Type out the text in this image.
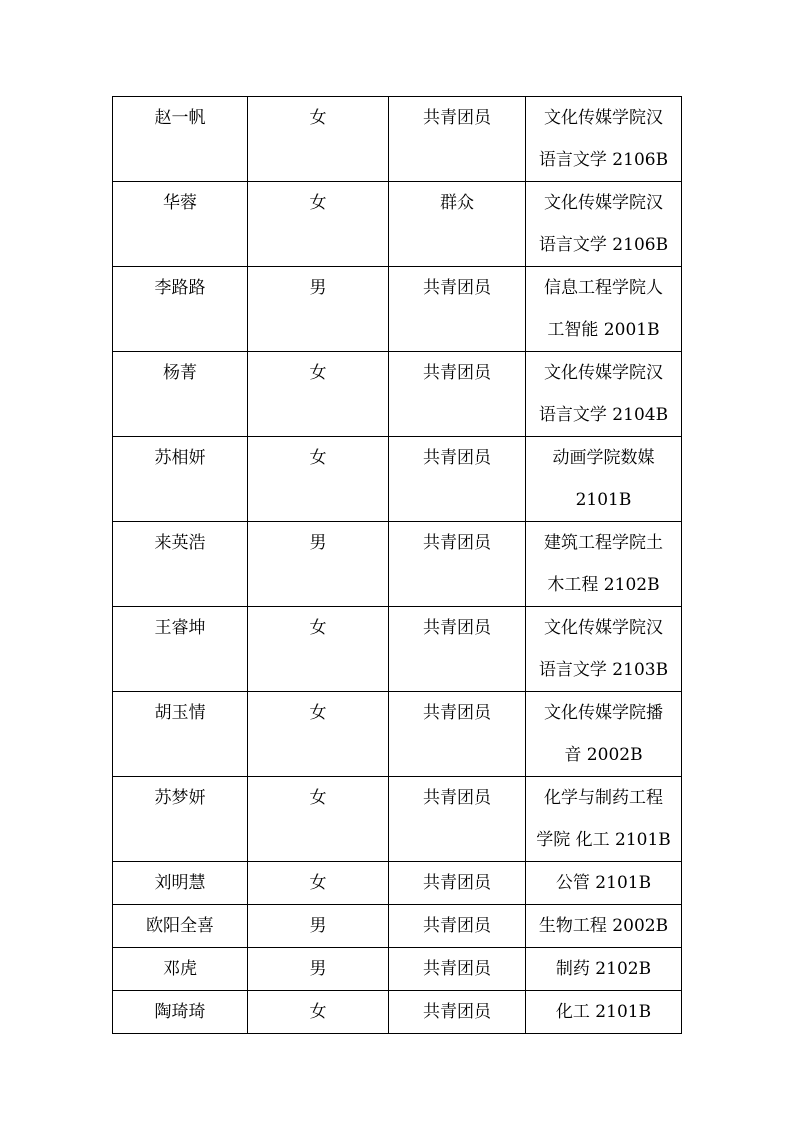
赵一帆	女	共青团员	文化传媒学院汉
语言文学 2106B

华蓉	女	群众	文化传媒学院汉
语言文学 2106B

李路路	男	共青团员	信息工程学院人
工智能 2001B

杨菁	女	共青团员	文化传媒学院汉
语言文学 2104B

苏相妍	女	共青团员	动画学院数媒
2101B

来英浩	男	共青团员	建筑工程学院土
木工程 2102B

王睿坤	女	共青团员	文化传媒学院汉
语言文学 2103B

胡玉情	女	共青团员	文化传媒学院播
音 2002B

苏梦妍	女	共青团员	化学与制药工程
学院 化工 2101B

刘明慧	女	共青团员	公管 2101B

欧阳全喜	男	共青团员	生物工程 2002B

邓虎	男	共青团员	制药 2102B

陶琦琦	女	共青团员	化工 2101B
